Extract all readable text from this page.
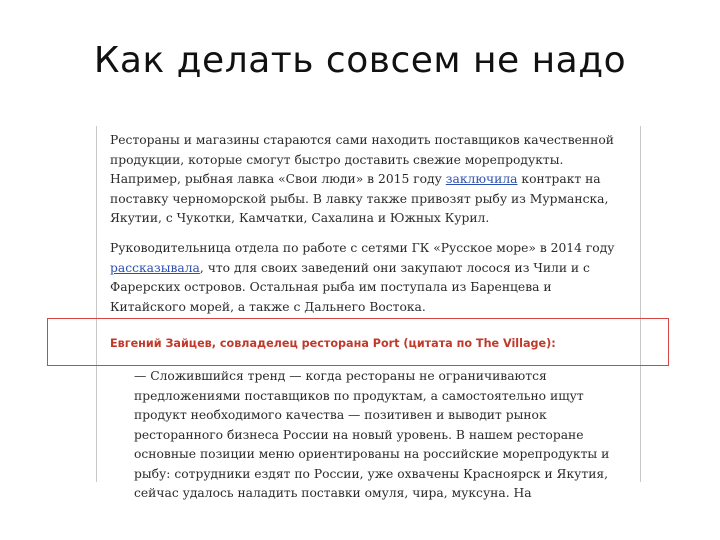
Как делать совсем не надо
Рестораны и магазины стараются сами находить поставщиков качественной продукции, которые смогут быстро доставить свежие морепродукты. Например, рыбная лавка «Свои люди» в 2015 году заключила контракт на поставку черноморской рыбы. В лавку также привозят рыбу из Мурманска, Якутии, с Чукотки, Камчатки, Сахалина и Южных Курил.
Руководительница отдела по работе с сетями ГК «Русское море» в 2014 году рассказывала, что для своих заведений они закупают лосося из Чили и с Фарерских островов. Остальная рыба им поступала из Баренцева и Китайского морей, а также с Дальнего Востока.
Евгений Зайцев, совладелец ресторана Port (цитата по The Village):
— Сложившийся тренд — когда рестораны не ограничиваются предложениями поставщиков по продуктам, а самостоятельно ищут продукт необходимого качества — позитивен и выводит рынок ресторанного бизнеса России на новый уровень. В нашем ресторане основные позиции меню ориентированы на российские морепродукты и рыбу: сотрудники ездят по России, уже охвачены Красноярск и Якутия, сейчас удалось наладить поставки омуля, чира, муксуна. На
